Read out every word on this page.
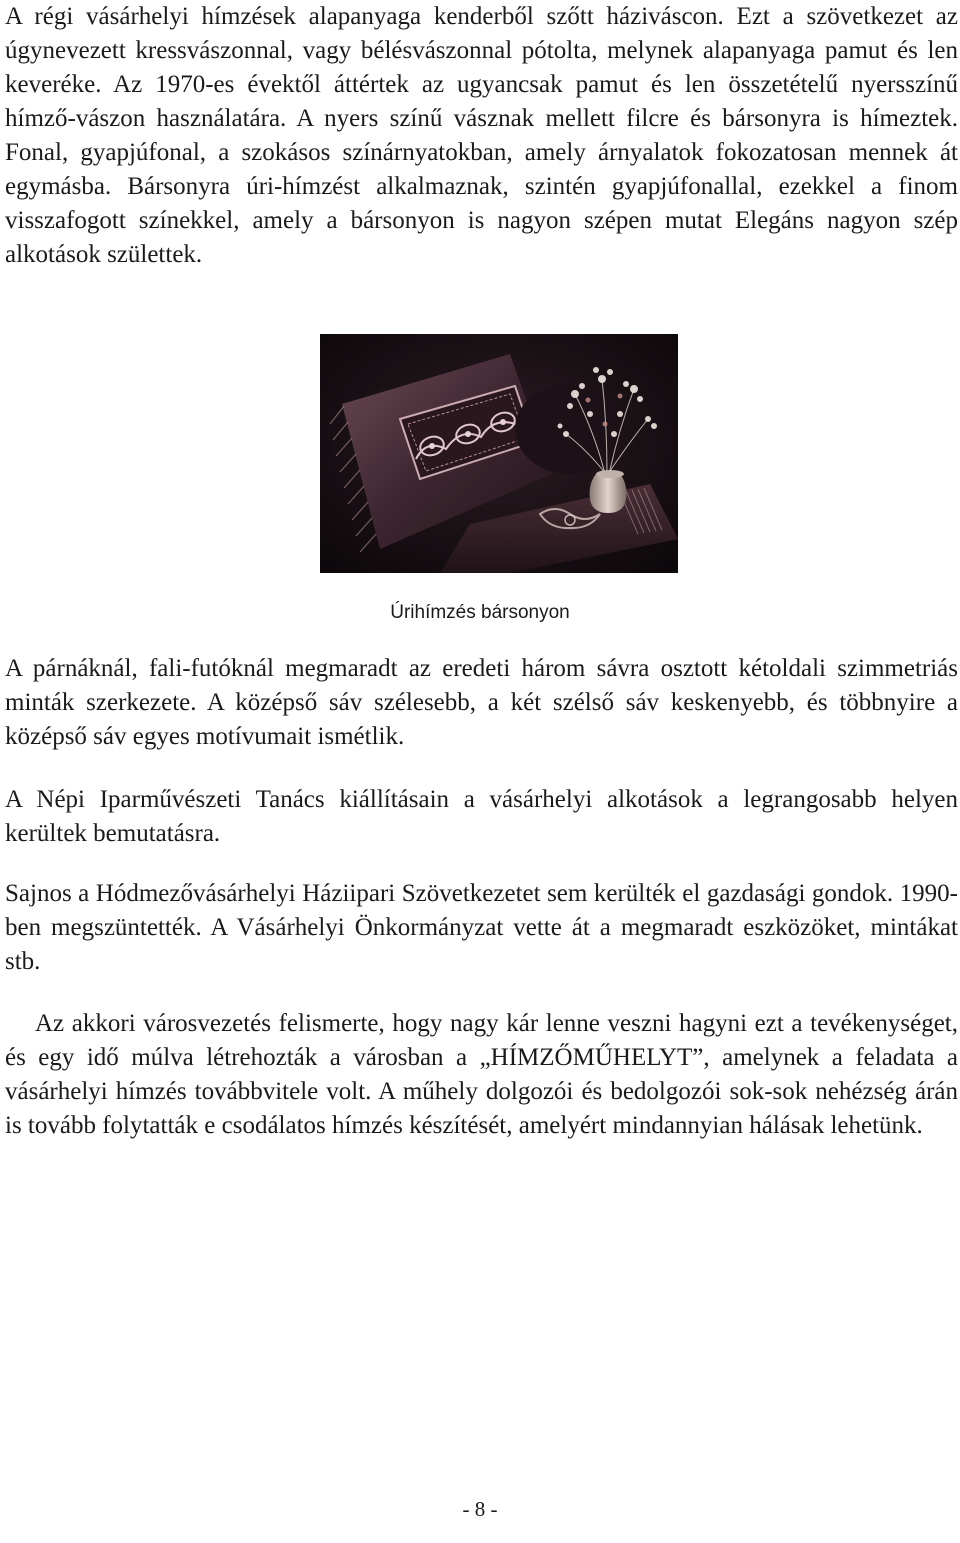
A régi vásárhelyi hímzések alapanyaga kenderből szőtt háziváscon. Ezt a szövetkezet az úgynevezett kressvászonnal, vagy bélésvászonnal pótolta, melynek alapanyaga pamut és len keveréke. Az 1970-es évektől áttértek az ugyancsak pamut és len összetételű nyersszínű hímző-vászon használatára. A nyers színű vásznak mellett filcre és bársonyra is hímeztek. Fonal, gyapjúfonal, a szokásos színárnyatokban, amely árnyalatok fokozatosan mennek át egymásba. Bársonyra úri-hímzést alkalmaznak, szintén gyapjúfonallal, ezekkel a finom visszafogott színekkel, amely a bársonyon is nagyon szépen mutat Elegáns nagyon szép alkotások születtek.

Úrihímzés bársonyon

A párnáknál, fali-futóknál megmaradt az eredeti három sávra osztott kétoldali szimmetriás minták szerkezete. A középső sáv szélesebb, a két szélső sáv keskenyebb, és többnyire a középső sáv egyes motívumait ismétlik.

A Népi Iparművészeti Tanács kiállításain a vásárhelyi alkotások a legrangosabb helyen kerültek bemutatásra.

Sajnos a Hódmezővásárhelyi Háziipari Szövetkezetet sem kerülték el gazdasági gondok. 1990-ben megszüntették. A Vásárhelyi Önkormányzat vette át a megmaradt eszközöket, mintákat stb.

Az akkori városvezetés felismerte, hogy nagy kár lenne veszni hagyni ezt a tevékenységet, és egy idő múlva létrehozták a városban a „HÍMZŐMŰHELYT”, amelynek a feladata a vásárhelyi hímzés továbbvitele volt. A műhely dolgozói és bedolgozói sok-sok nehézség árán is tovább folytatták e csodálatos hímzés készítését, amelyért mindannyian hálásak lehetünk.

- 8 -
